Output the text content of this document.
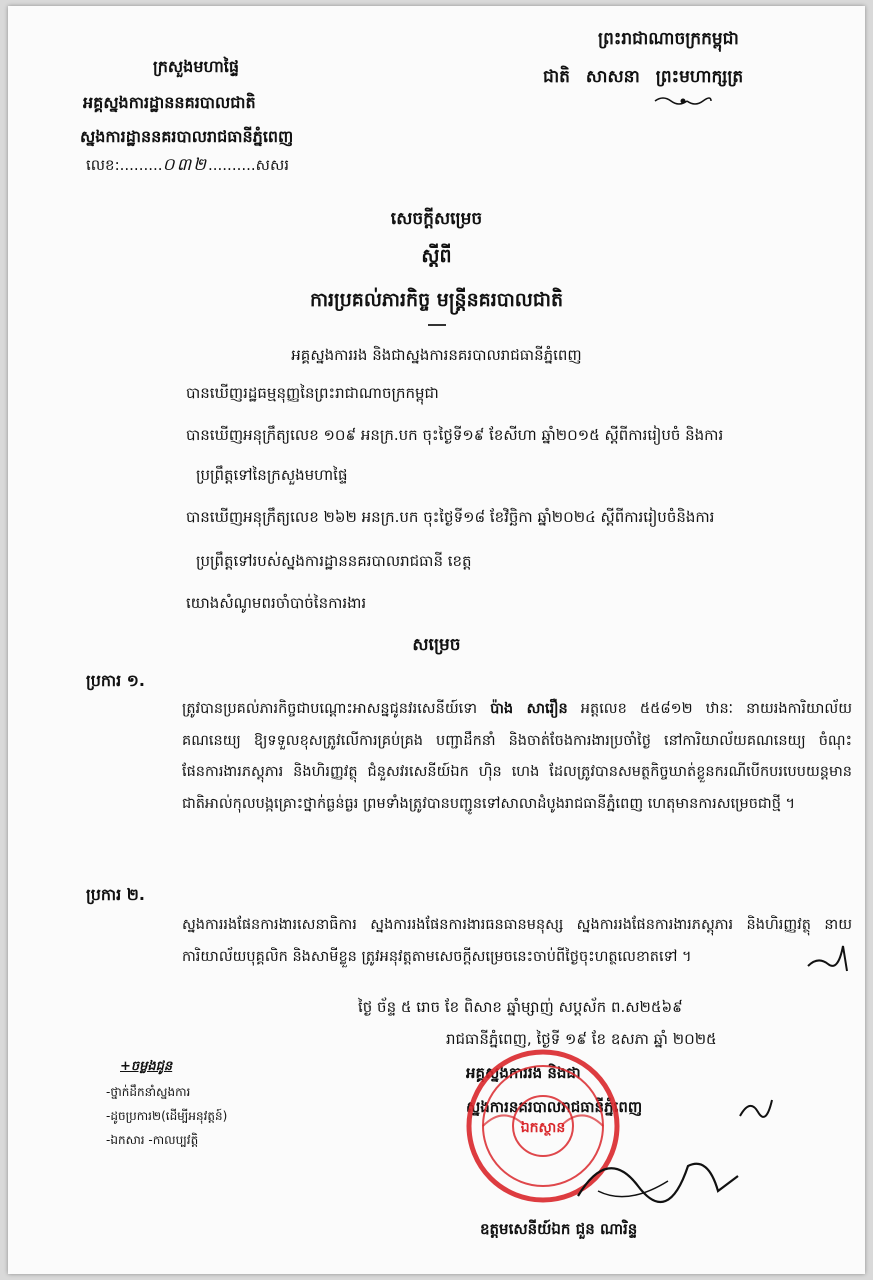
ព្រះរាជាណាចក្រកម្ពុជា
ជាតិ សាសនា ព្រះមហាក្សត្រ
ក្រសួងមហាផ្ទៃ
អគ្គស្នងការដ្ឋាននគរបាលជាតិ
ស្នងការដ្ឋាននគរបាលរាជធានីភ្នំពេញ
លេខ:.........០៣២..........សសរ
សេចក្ដីសម្រេច
ស្ដីពី
ការប្រគល់ភារកិច្ច មន្ត្រីនគរបាលជាតិ
អគ្គស្នងការរង និងជាស្នងការនគរបាលរាជធានីភ្នំពេញ
បានឃើញរដ្ឋធម្មនុញ្ញនៃព្រះរាជាណាចក្រកម្ពុជា
បានឃើញអនុក្រឹត្យលេខ ១០៩ អនក្រ.បក ចុះថ្ងៃទី១៩ ខែសីហា ឆ្នាំ២០១៥ ស្ដីពីការរៀបចំ និងការ
ប្រព្រឹត្តទៅនៃក្រសួងមហាផ្ទៃ
បានឃើញអនុក្រឹត្យលេខ ២៦២ អនក្រ.បក ចុះថ្ងៃទី១៨ ខែវិច្ឆិកា ឆ្នាំ២០២៤ ស្ដីពីការរៀបចំនិងការ
ប្រព្រឹត្តទៅរបស់ស្នងការដ្ឋាននគរបាលរាជធានី ខេត្ត
យោងសំណូមពរចាំបាច់នៃការងារ
សម្រេច
ប្រការ ១.

ត្រូវបានប្រគល់ភារកិច្ចជាបណ្ដោះអាសន្នជូនវរសេនីយ៍ទោ ប៉ាង សារឿន អត្តលេខ ៥៥៨១២ ឋានៈ នាយរងការិយាល័យគណនេយ្យ ឱ្យទទួលខុសត្រូវលើការគ្រប់គ្រង បញ្ជាដឹកនាំ និងចាត់ចែងការងារប្រចាំថ្ងៃ នៅការិយាល័យគណនេយ្យ ចំណុះផែនការងារភស្ដុភារ និងហិរញ្ញវត្ថុ ជំនួសវរសេនីយ៍ឯក ហ៊ិន ហេង ដែលត្រូវបានសមត្ថកិច្ចឃាត់ខ្លួនករណីបើកបរបេបយន្តមានជាតិអាល់កុលបង្កគ្រោះថ្នាក់ធ្ងន់ធ្ងរ ព្រមទាំងត្រូវបានបញ្ជូនទៅសាលាដំបូងរាជធានីភ្នំពេញ ហេតុមានការសម្រេចជាថ្មី ។

ប្រការ ២.

ស្នងការរងផែនការងារសេនាធិការ ស្នងការរងផែនការងារធនធានមនុស្ស ស្នងការរងផែនការងារភស្ដុភារ និងហិរញ្ញវត្ថុ នាយការិយាល័យបុគ្គលិក និងសាមីខ្លួន ត្រូវអនុវត្តតាមសេចក្ដីសម្រេចនេះចាប់ពីថ្ងៃចុះហត្ថលេខាតទៅ ។

ថ្ងៃ ច័ន្ទ ៥ រោច ខែ ពិសាខ ឆ្នាំម្សាញ់ សប្ដស័ក ព.ស២៥៦៩
រាជធានីភ្នំពេញ, ថ្ងៃទី ១៩ ខែ ឧសភា ឆ្នាំ ២០២៥
អគ្គស្នងការរង និងជា
ស្នងការនគរបាលរាជធានីភ្នំពេញ
ឯកស្ថាន
ឧត្ដមសេនីយ៍ឯក ជួន ណារិន្ទ
+ចម្លងជូន
-ថ្នាក់ដឹកនាំស្នងការ
-ដូចប្រការ២(ដើម្បីអនុវត្តន៍)
-ឯកសារ -កាលប្បវត្តិ
